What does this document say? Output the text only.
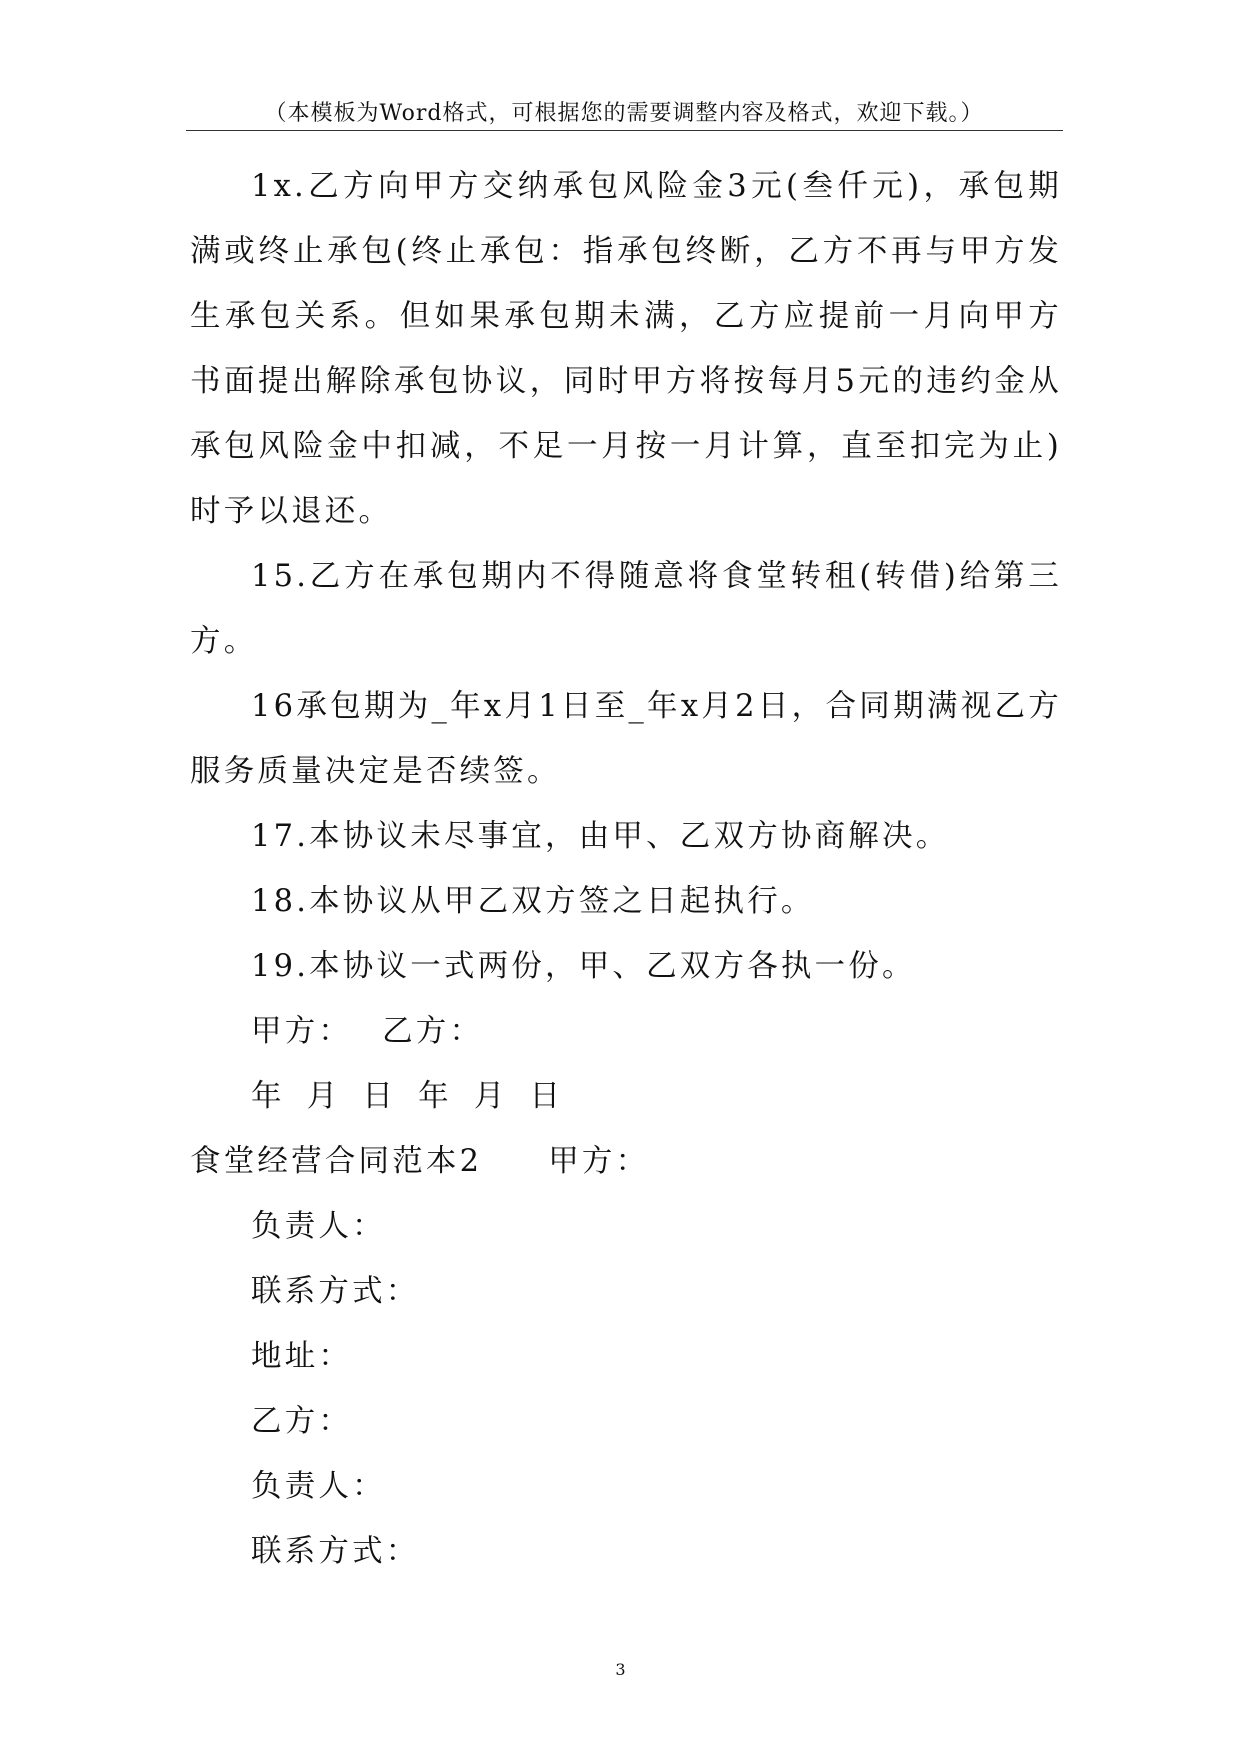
（本模板为Word格式，可根据您的需要调整内容及格式，欢迎下载。）

1x.乙方向甲方交纳承包风险金3元(叁仟元)，承包期满或终止承包(终止承包：指承包终断，乙方不再与甲方发生承包关系。但如果承包期未满，乙方应提前一月向甲方书面提出解除承包协议，同时甲方将按每月5元的违约金从承包风险金中扣减，不足一月按一月计算，直至扣完为止)时予以退还。

15.乙方在承包期内不得随意将食堂转租(转借)给第三方。

16承包期为_年x月1日至_年x月2日，合同期满视乙方服务质量决定是否续签。

17.本协议未尽事宜，由甲、乙双方协商解决。

18.本协议从甲乙双方签之日起执行。

19.本协议一式两份，甲、乙双方各执一份。

甲方： 乙方：

年 月 日 年 月 日

食堂经营合同范本2 甲方：

负责人：

联系方式：

地址：

乙方：

负责人：

联系方式：

3
